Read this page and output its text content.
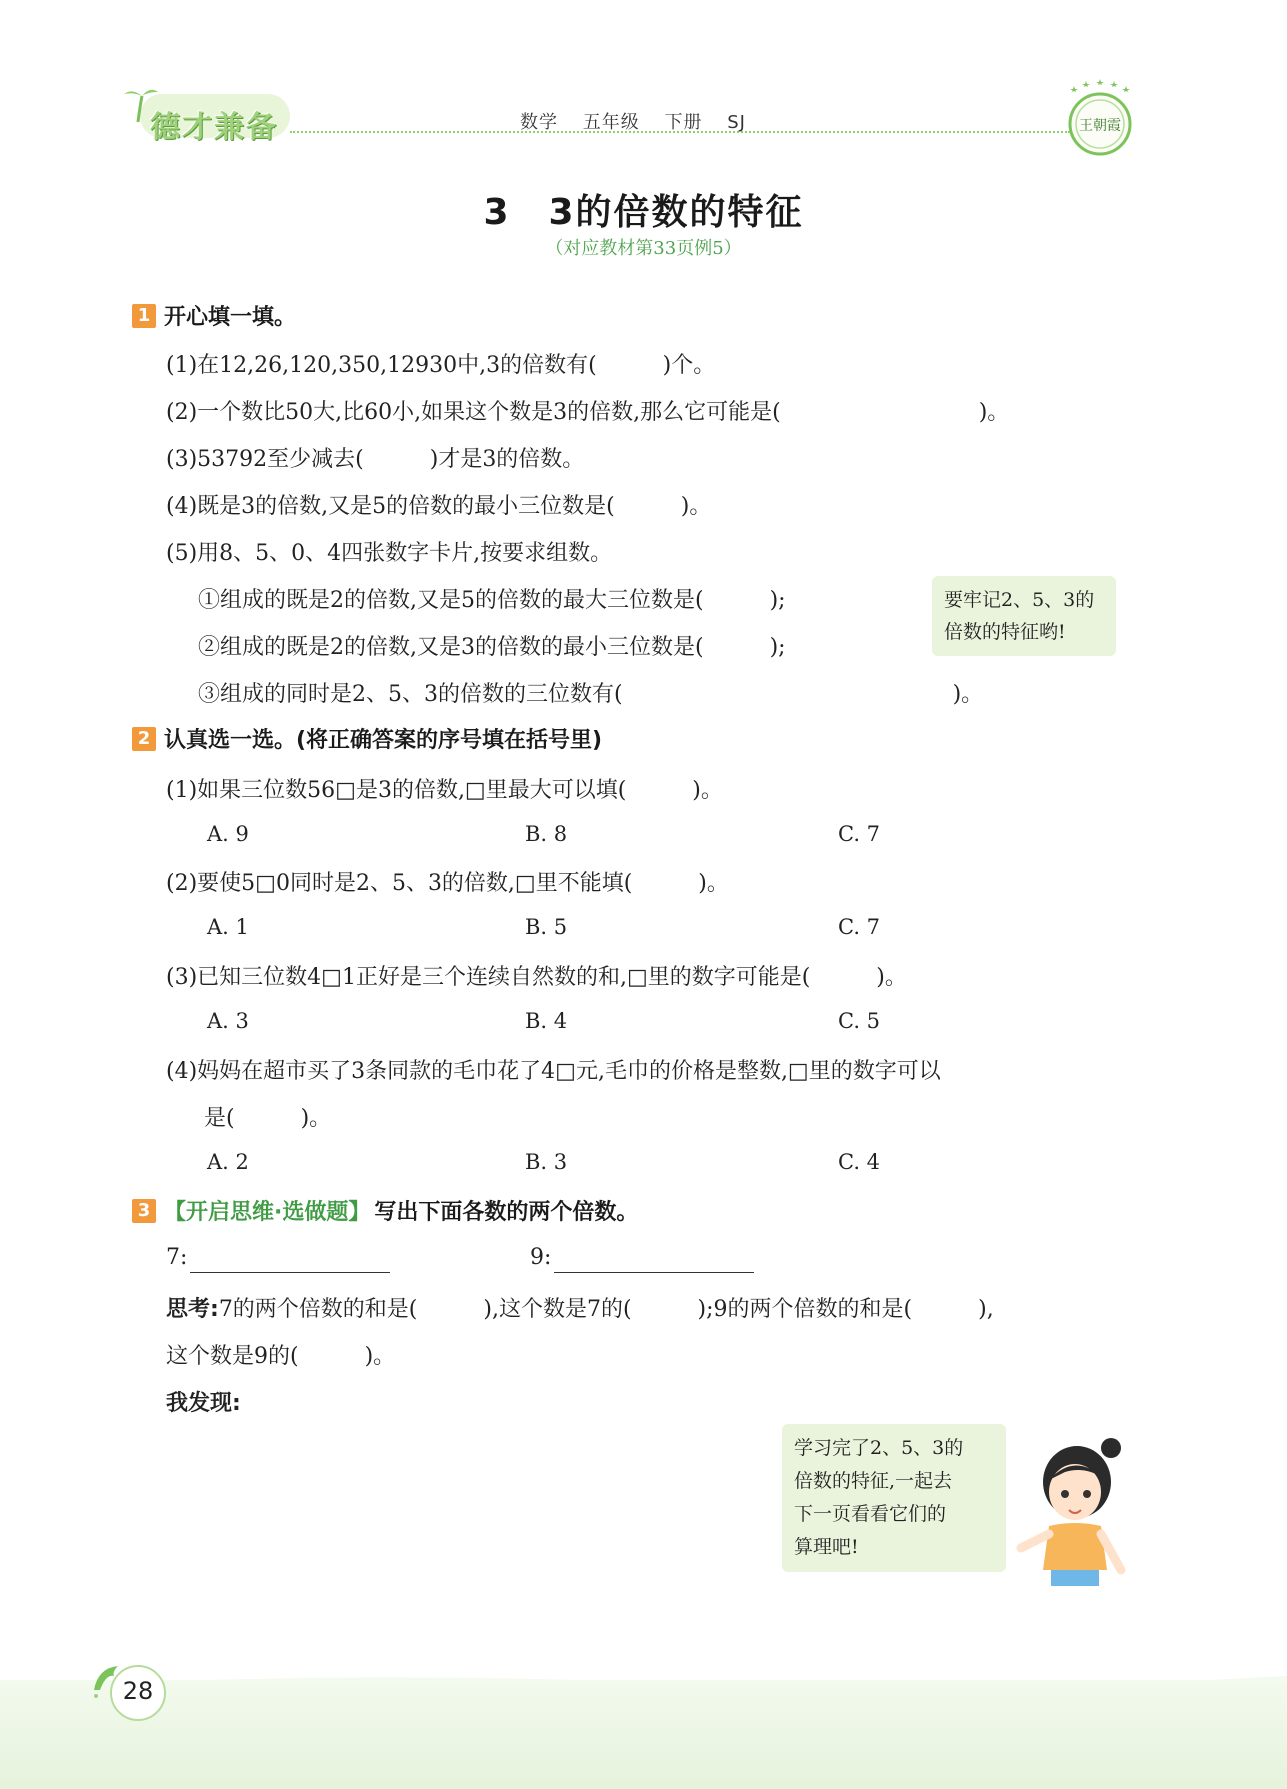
德才兼备	数学 五年级 下册 SJ	王朝霞
3　3的倍数的特征
（对应教材第33页例5）
1 开心填一填。
(1)在12,26,120,350,12930中,3的倍数有(　　　)个。
(2)一个数比50大,比60小,如果这个数是3的倍数,那么它可能是(　　　　　　　　　)。
(3)53792至少减去(　　　)才是3的倍数。
(4)既是3的倍数,又是5的倍数的最小三位数是(　　　)。
(5)用8、5、0、4四张数字卡片,按要求组数。
①组成的既是2的倍数,又是5的倍数的最大三位数是(　　　);
②组成的既是2的倍数,又是3的倍数的最小三位数是(　　　);
③组成的同时是2、5、3的倍数的三位数有(　　　　　　　　　　　　　　　)。
要牢记2、5、3的
倍数的特征哟!
2 认真选一选。(将正确答案的序号填在括号里)
(1)如果三位数56□是3的倍数,□里最大可以填(　　　)。
A. 9	B. 8	C. 7
(2)要使5□0同时是2、5、3的倍数,□里不能填(　　　)。
A. 1	B. 5	C. 7
(3)已知三位数4□1正好是三个连续自然数的和,□里的数字可能是(　　　)。
A. 3	B. 4	C. 5
(4)妈妈在超市买了3条同款的毛巾花了4□元,毛巾的价格是整数,□里的数字可以
是(　　　)。
A. 2	B. 3	C. 4
3 【开启思维·选做题】 写出下面各数的两个倍数。
7:	9:
思考:7的两个倍数的和是(　　　),这个数是7的(　　　);9的两个倍数的和是(　　　),
这个数是9的(　　　)。
我发现:
学习完了2、5、3的
倍数的特征,一起去
下一页看看它们的
算理吧!
28
